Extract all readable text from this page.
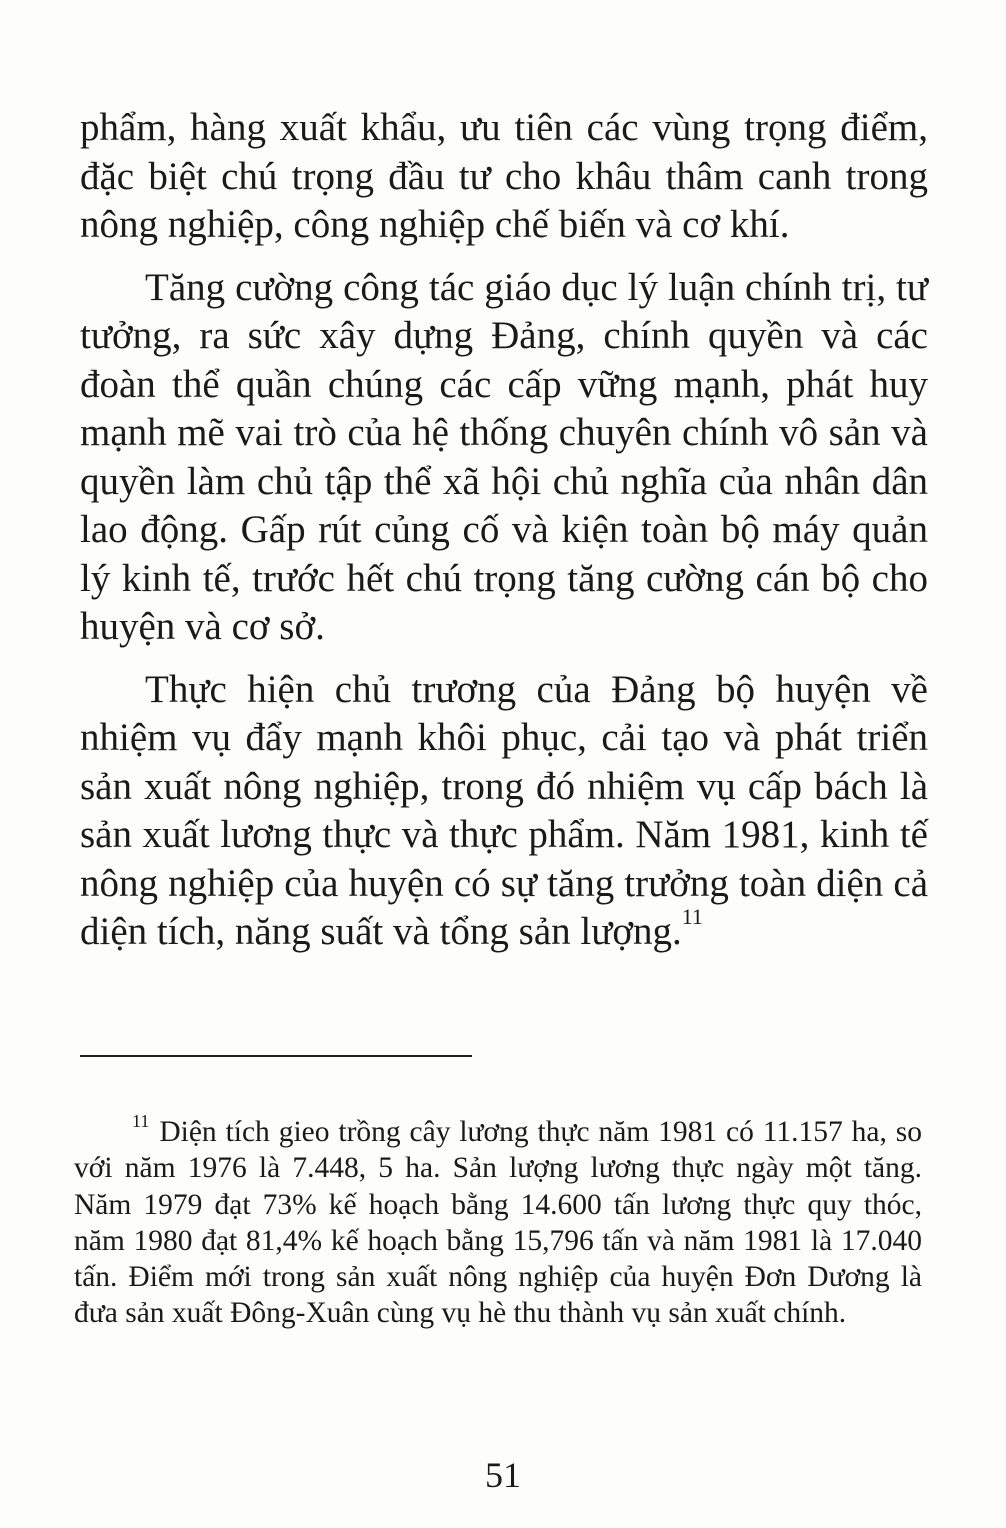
phẩm, hàng xuất khẩu, ưu tiên các vùng trọng điểm, đặc biệt chú trọng đầu tư cho khâu thâm canh trong nông nghiệp, công nghiệp chế biến và cơ khí.

Tăng cường công tác giáo dục lý luận chính trị, tư tưởng, ra sức xây dựng Đảng, chính quyền và các đoàn thể quần chúng các cấp vững mạnh, phát huy mạnh mẽ vai trò của hệ thống chuyên chính vô sản và quyền làm chủ tập thể xã hội chủ nghĩa của nhân dân lao động. Gấp rút củng cố và kiện toàn bộ máy quản lý kinh tế, trước hết chú trọng tăng cường cán bộ cho huyện và cơ sở.

Thực hiện chủ trương của Đảng bộ huyện về nhiệm vụ đẩy mạnh khôi phục, cải tạo và phát triển sản xuất nông nghiệp, trong đó nhiệm vụ cấp bách là sản xuất lương thực và thực phẩm. Năm 1981, kinh tế nông nghiệp của huyện có sự tăng trưởng toàn diện cả diện tích, năng suất và tổng sản lượng.$^{11}$

$^{11}$ Diện tích gieo trồng cây lương thực năm 1981 có 11.157 ha, so với năm 1976 là 7.448, 5 ha. Sản lượng lương thực ngày một tăng. Năm 1979 đạt 73% kế hoạch bằng 14.600 tấn lương thực quy thóc, năm 1980 đạt 81,4% kế hoạch bằng 15,796 tấn và năm 1981 là 17.040 tấn. Điểm mới trong sản xuất nông nghiệp của huyện Đơn Dương là đưa sản xuất Đông-Xuân cùng vụ hè thu thành vụ sản xuất chính.

51
